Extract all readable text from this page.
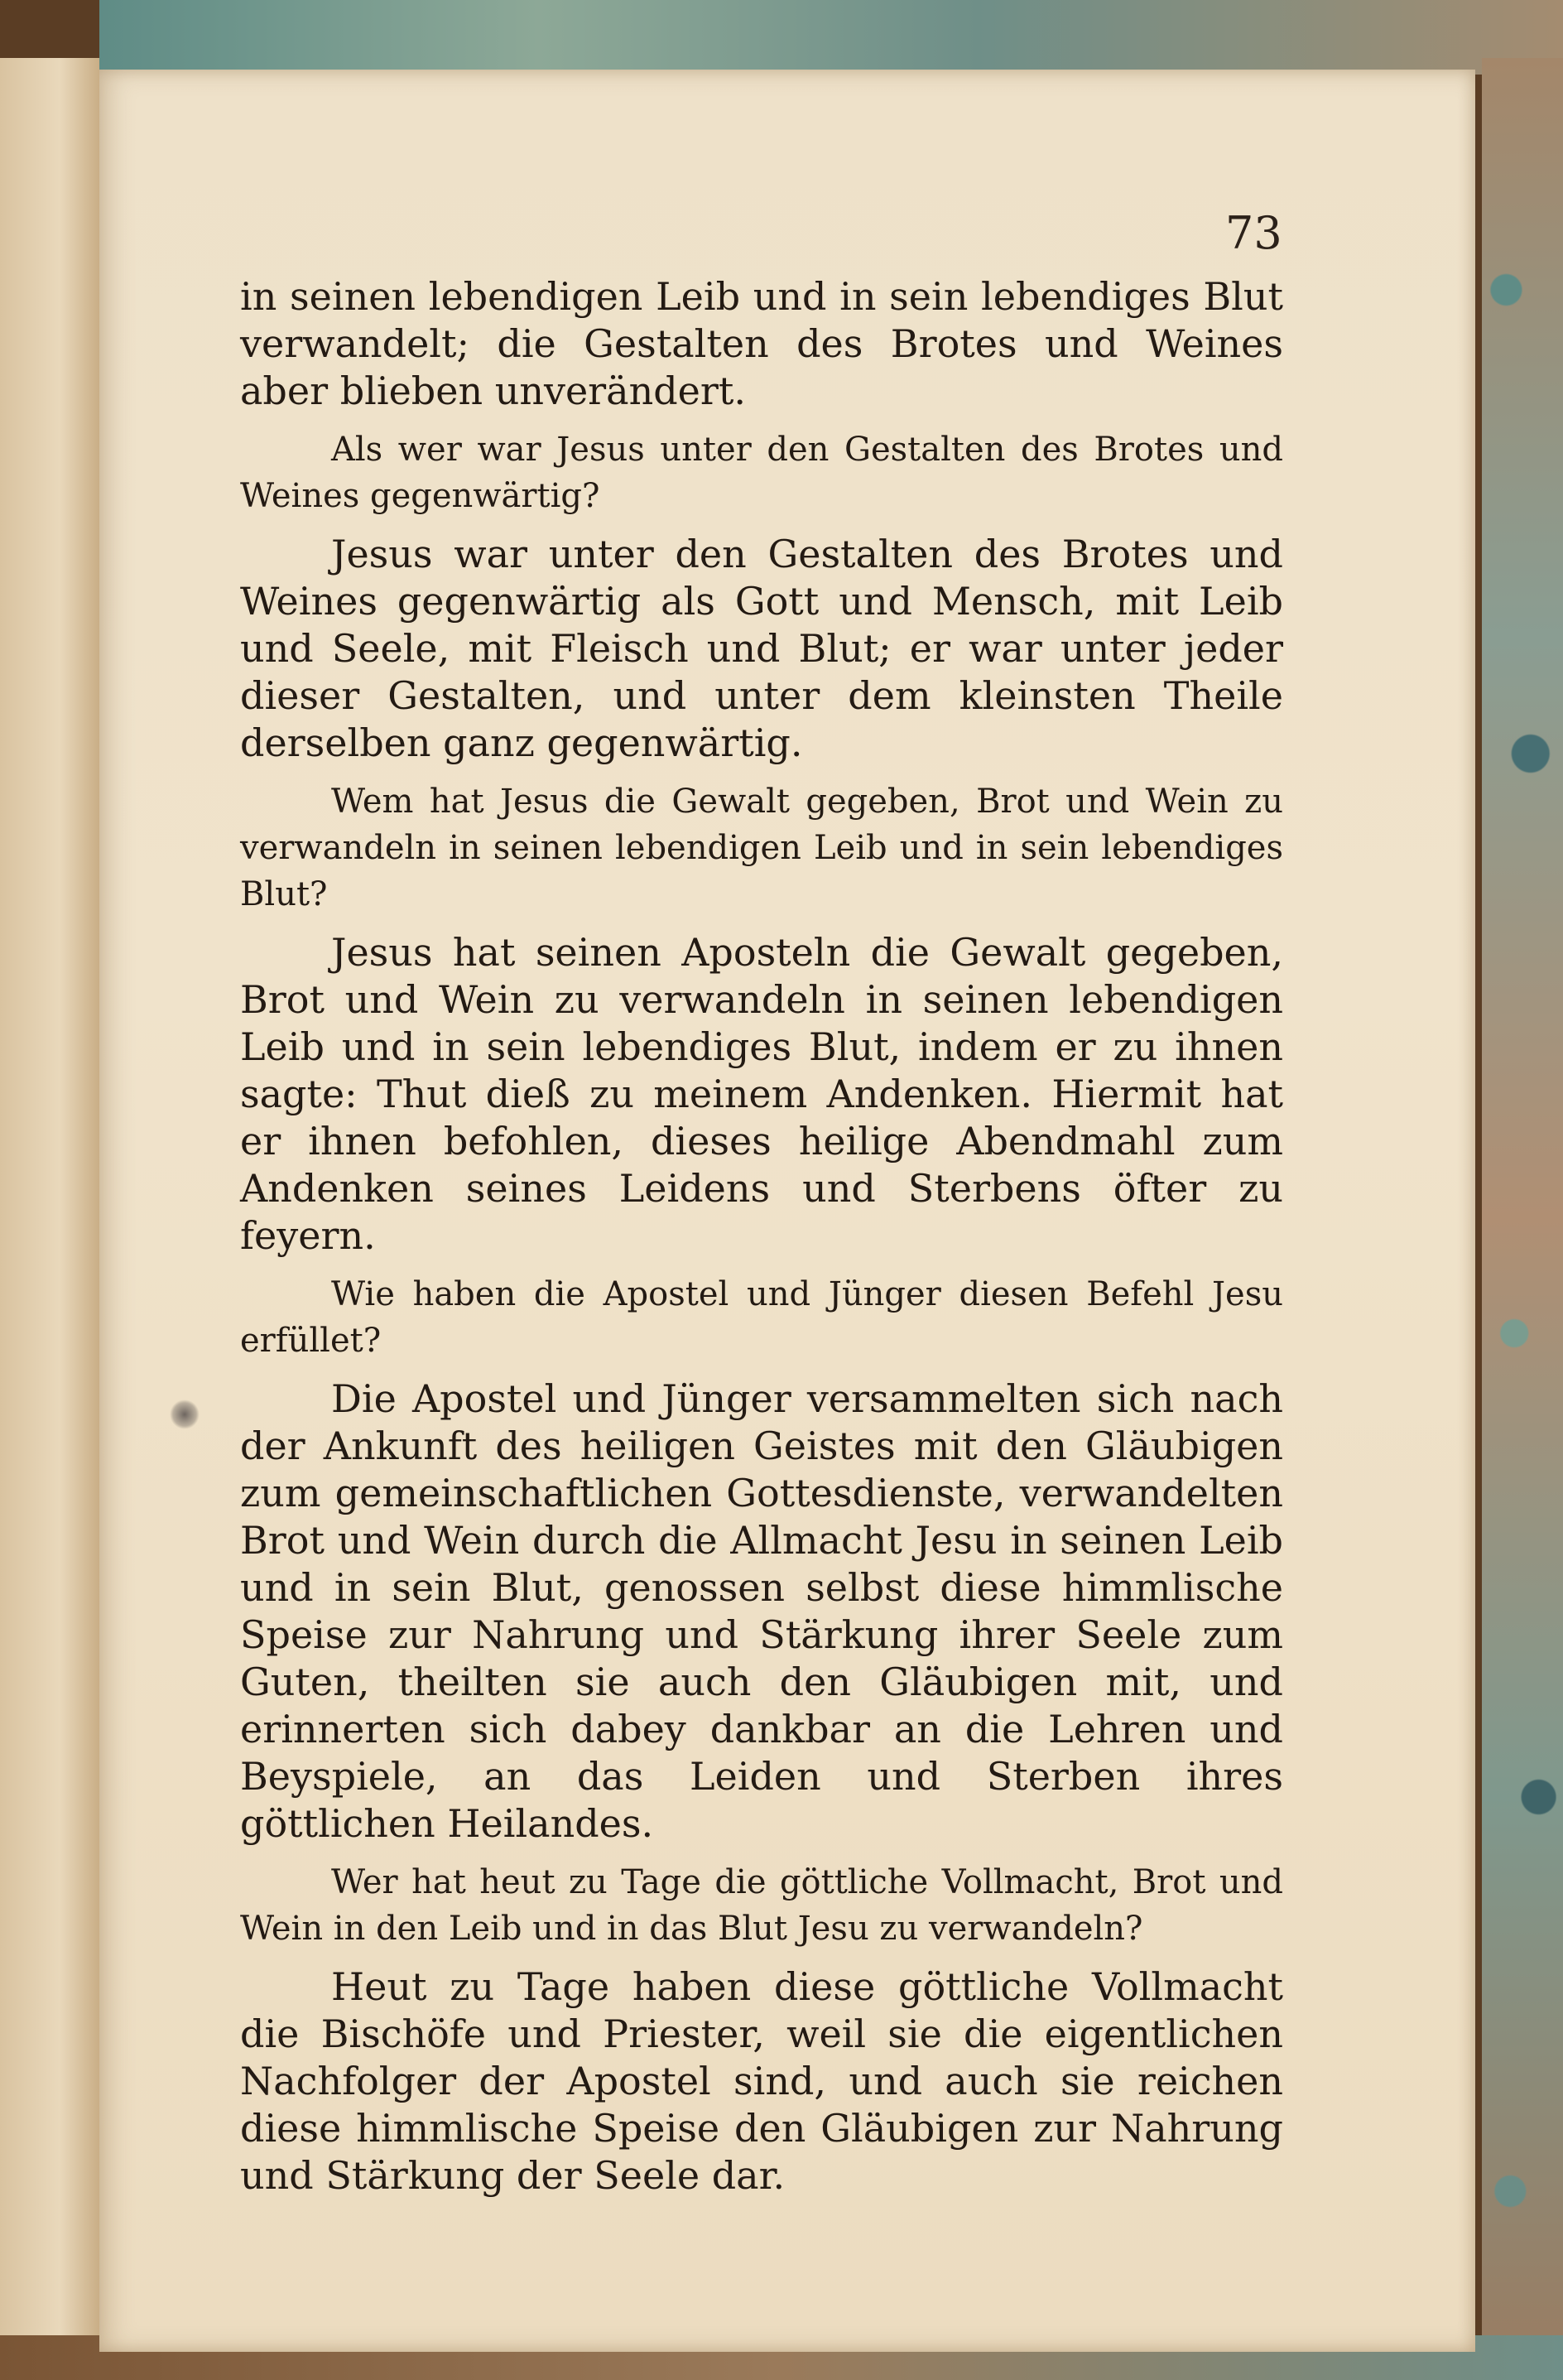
73

in seinen lebendigen Leib und in sein lebendiges Blut verwandelt; die Gestalten des Brotes und Weines aber blieben unverändert.

Als wer war Jesus unter den Gestalten des Brotes und Weines gegenwärtig?

Jesus war unter den Gestalten des Brotes und Weines gegenwärtig als Gott und Mensch, mit Leib und Seele, mit Fleisch und Blut; er war unter jeder dieser Gestalten, und unter dem kleinsten Theile derselben ganz gegenwärtig.

Wem hat Jesus die Gewalt gegeben, Brot und Wein zu verwandeln in seinen lebendigen Leib und in sein lebendiges Blut?

Jesus hat seinen Aposteln die Gewalt gegeben, Brot und Wein zu verwandeln in seinen lebendigen Leib und in sein lebendiges Blut, indem er zu ihnen sagte: Thut dieß zu meinem Andenken. Hiermit hat er ihnen befohlen, dieses heilige Abendmahl zum Andenken seines Leidens und Sterbens öfter zu feyern.

Wie haben die Apostel und Jünger diesen Befehl Jesu erfüllet?

Die Apostel und Jünger versammelten sich nach der Ankunft des heiligen Geistes mit den Gläubigen zum gemeinschaftlichen Gottesdienste, verwandelten Brot und Wein durch die Allmacht Jesu in seinen Leib und in sein Blut, genossen selbst diese himmlische Speise zur Nahrung und Stärkung ihrer Seele zum Guten, theilten sie auch den Gläubigen mit, und erinnerten sich dabey dankbar an die Lehren und Beyspiele, an das Leiden und Sterben ihres göttlichen Heilandes.

Wer hat heut zu Tage die göttliche Vollmacht, Brot und Wein in den Leib und in das Blut Jesu zu verwandeln?

Heut zu Tage haben diese göttliche Vollmacht die Bischöfe und Priester, weil sie die eigentlichen Nachfolger der Apostel sind, und auch sie reichen diese himmlische Speise den Gläubigen zur Nahrung und Stärkung der Seele dar.
